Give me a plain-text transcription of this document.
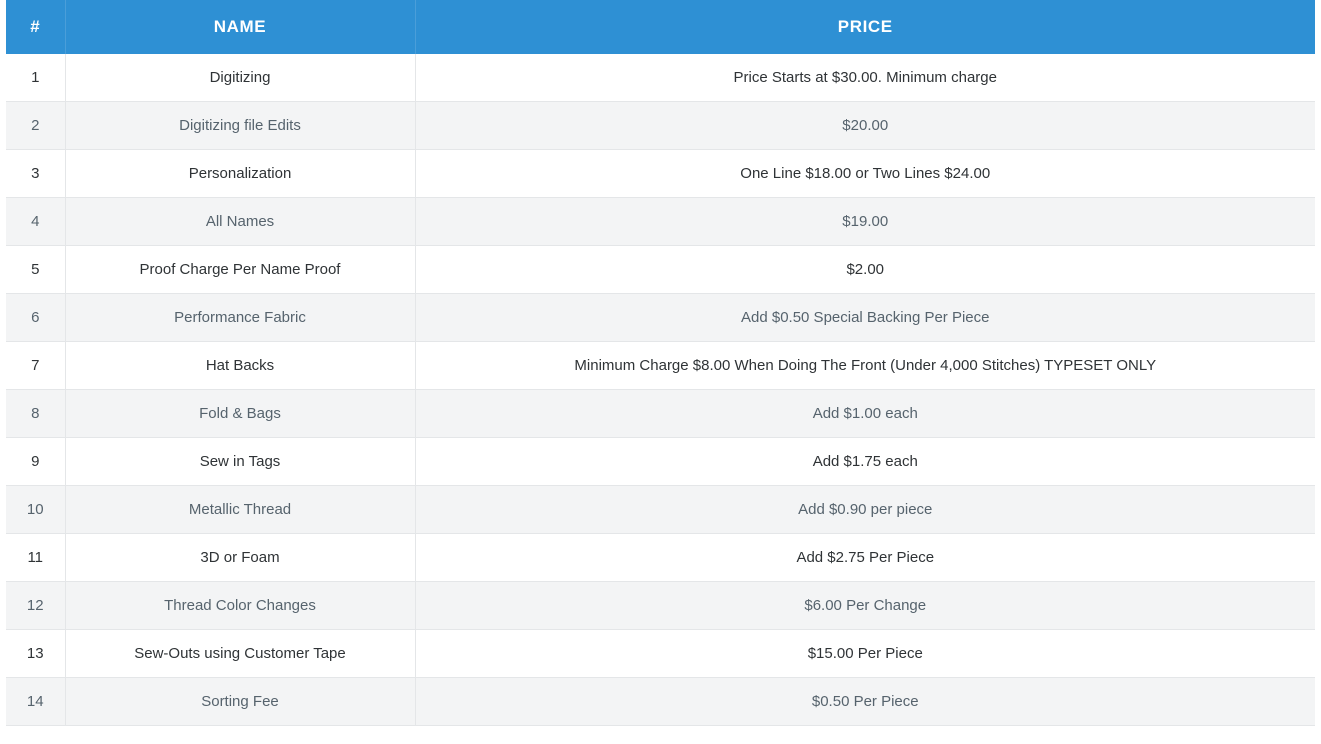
#	NAME	PRICE
1	Digitizing	Price Starts at $30.00. Minimum charge
2	Digitizing file Edits	$20.00
3	Personalization	One Line $18.00 or Two Lines $24.00
4	All Names	$19.00
5	Proof Charge Per Name Proof	$2.00
6	Performance Fabric	Add $0.50 Special Backing Per Piece
7	Hat Backs	Minimum Charge $8.00 When Doing The Front (Under 4,000 Stitches) TYPESET ONLY
8	Fold & Bags	Add $1.00 each
9	Sew in Tags	Add $1.75 each
10	Metallic Thread	Add $0.90 per piece
11	3D or Foam	Add $2.75 Per Piece
12	Thread Color Changes	$6.00 Per Change
13	Sew-Outs using Customer Tape	$15.00 Per Piece
14	Sorting Fee	$0.50 Per Piece
